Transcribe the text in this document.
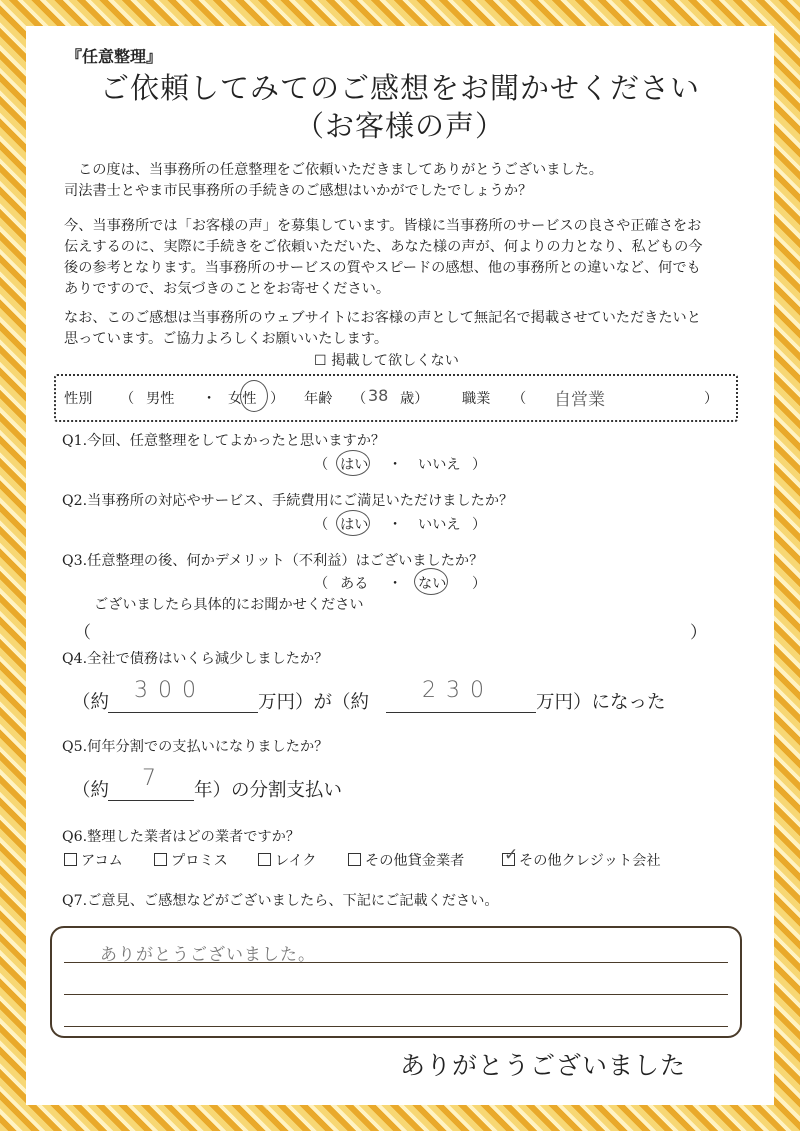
『任意整理』
ご依頼してみてのご感想をお聞かせください
（お客様の声）
この度は、当事務所の任意整理をご依頼いただきましてありがとうございました。
司法書士とやま市民事務所の手続きのご感想はいかがでしたでしょうか？
今、当事務所では「お客様の声」を募集しています。皆様に当事務所のサービスの良さや正確さをお
伝えするのに、実際に手続きをご依頼いただいた、あなた様の声が、何よりの力となり、私どもの今
後の参考となります。当事務所のサービスの質やスピードの感想、他の事務所との違いなど、何でも
ありですので、お気づきのことをお寄せください。
なお、このご感想は当事務所のウェブサイトにお客様の声として無記名で掲載させていただきたいと
思っています。ご協力よろしくお願いいたします。
☐ 掲載して欲しくない
性別 （ 男性 ・ 女性 ） 年齢 （ 38 歳） 職業 （ 自営業	）
Q1.今回、任意整理をしてよかったと思いますか？
（ はい ・ いいえ ）
Q2.当事務所の対応やサービス、手続費用にご満足いただけましたか？
（ はい ・ いいえ ）
Q3.任意整理の後、何かデメリット（不利益）はございましたか？
（ ある ・ ない ）
ございましたら具体的にお聞かせください
（	）
Q4.全社で債務はいくら減少しましたか？
（約 300	万円）が（約 230 万円）になった
Q5.何年分割での支払いになりましたか？
（約 7 年）の分割支払い
Q6.整理した業者はどの業者ですか？
アコム	プロミス	レイク	その他貸金業者 ✓ その他クレジット会社
Q7.ご意見、ご感想などがございましたら、下記にご記載ください。
ありがとうございました。
ありがとうございました
